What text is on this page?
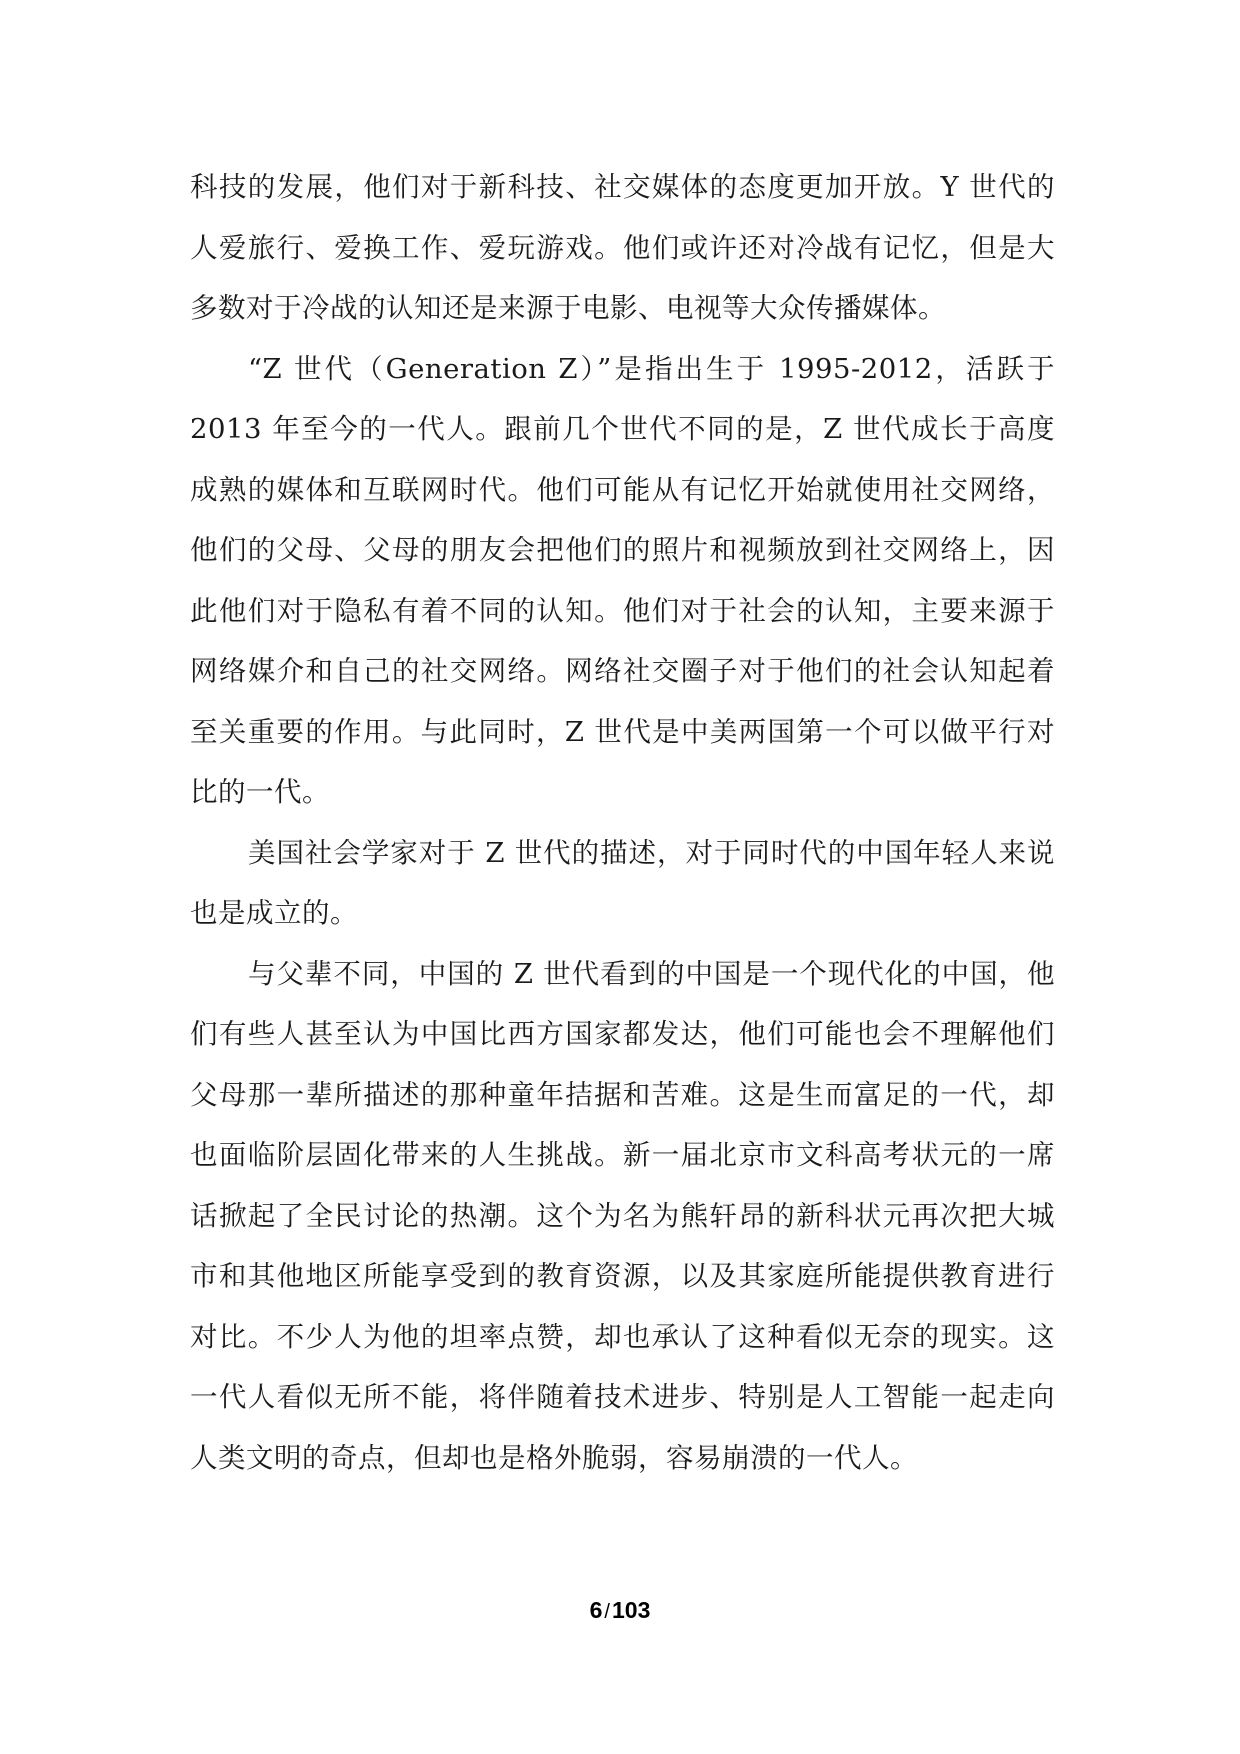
科技的发展，他们对于新科技、社交媒体的态度更加开放。Y 世代的人爱旅行、爱换工作、爱玩游戏。他们或许还对冷战有记忆，但是大多数对于冷战的认知还是来源于电影、电视等大众传播媒体。

“Z 世代（Generation Z）”是指出生于 1995-2012，活跃于 2013 年至今的一代人。跟前几个世代不同的是，Z 世代成长于高度成熟的媒体和互联网时代。他们可能从有记忆开始就使用社交网络，他们的父母、父母的朋友会把他们的照片和视频放到社交网络上，因此他们对于隐私有着不同的认知。他们对于社会的认知，主要来源于网络媒介和自己的社交网络。网络社交圈子对于他们的社会认知起着至关重要的作用。与此同时，Z 世代是中美两国第一个可以做平行对比的一代。

美国社会学家对于 Z 世代的描述，对于同时代的中国年轻人来说也是成立的。

与父辈不同，中国的 Z 世代看到的中国是一个现代化的中国，他们有些人甚至认为中国比西方国家都发达，他们可能也会不理解他们父母那一辈所描述的那种童年拮据和苦难。这是生而富足的一代，却也面临阶层固化带来的人生挑战。新一届北京市文科高考状元的一席话掀起了全民讨论的热潮。这个为名为熊轩昂的新科状元再次把大城市和其他地区所能享受到的教育资源，以及其家庭所能提供教育进行对比。不少人为他的坦率点赞，却也承认了这种看似无奈的现实。这一代人看似无所不能，将伴随着技术进步、特别是人工智能一起走向人类文明的奇点，但却也是格外脆弱，容易崩溃的一代人。

6 /103
